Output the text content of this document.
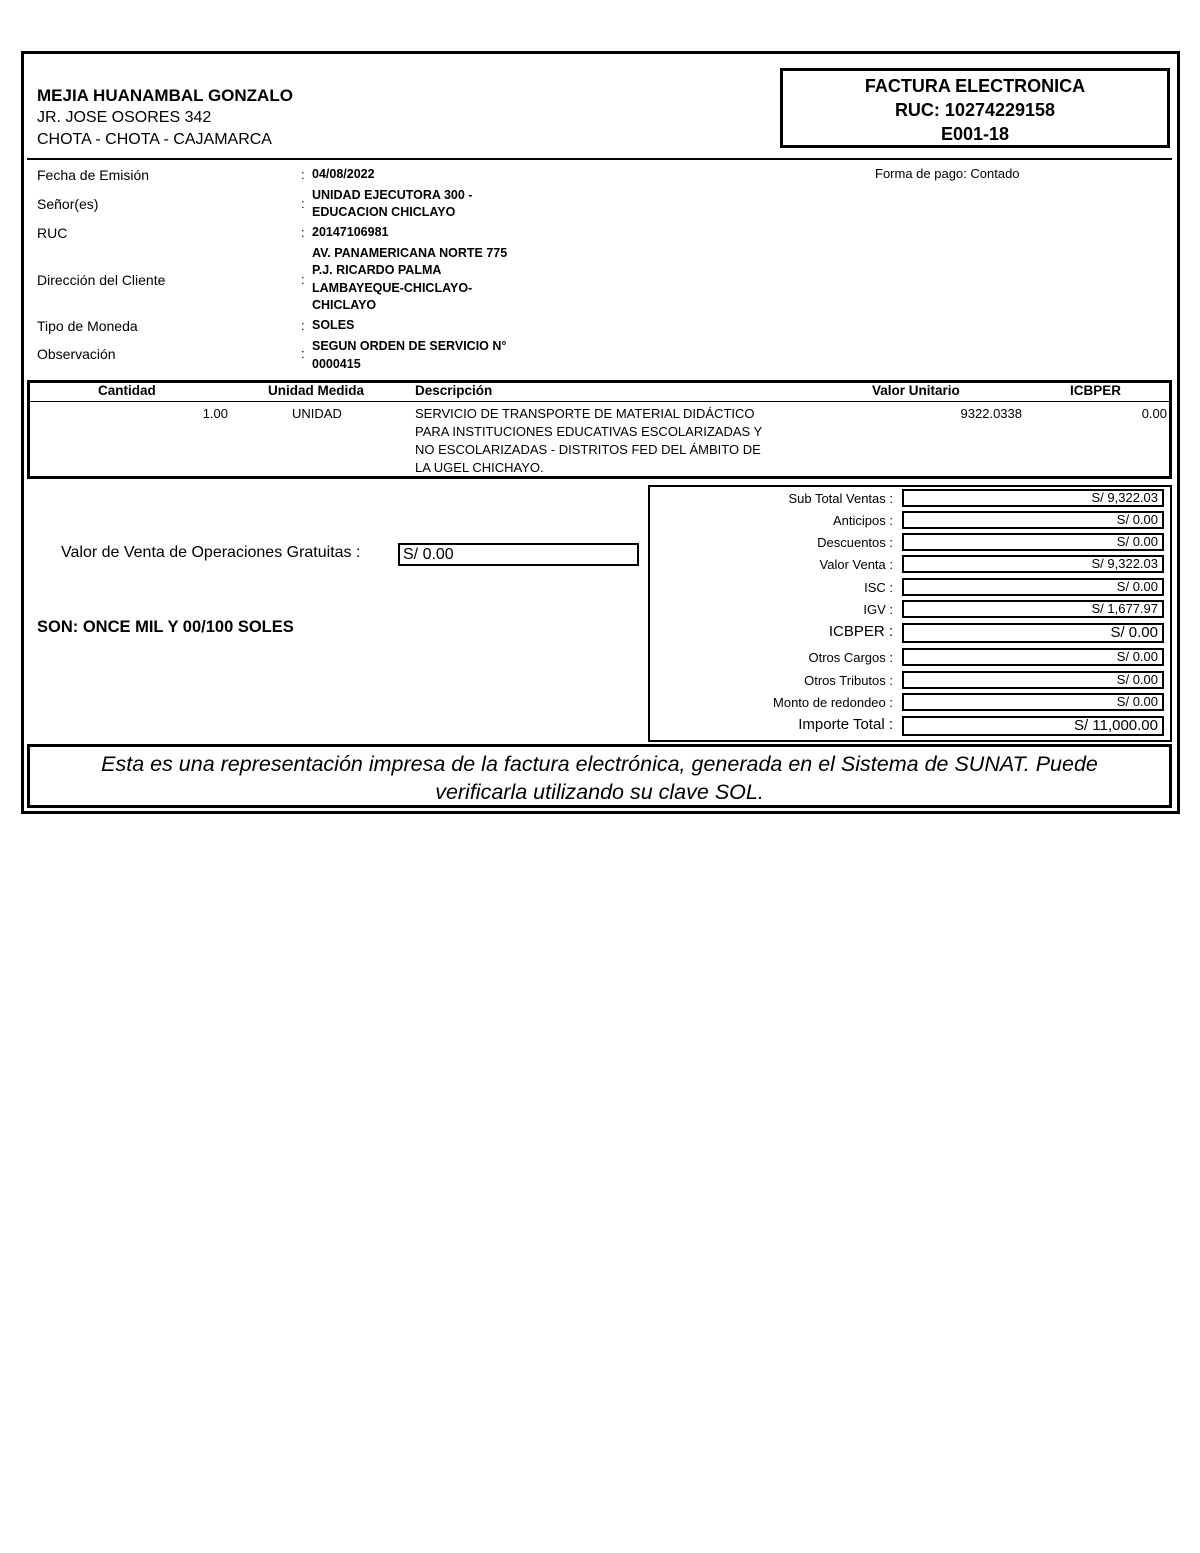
MEJIA HUANAMBAL GONZALO
JR. JOSE OSORES 342
CHOTA - CHOTA - CAJAMARCA
FACTURA ELECTRONICA
RUC: 10274229158
E001-18
Fecha de Emisión	: 04/08/2022
Señor(es)	:
UNIDAD EJECUTORA 300 -
EDUCACION CHICLAYO
RUC	: 20147106981
Dirección del Cliente	:
AV. PANAMERICANA NORTE 775
P.J. RICARDO PALMA
LAMBAYEQUE-CHICLAYO-
CHICLAYO
Tipo de Moneda	: SOLES
Observación	: SEGUN ORDEN DE SERVICIO N°
0000415
Forma de pago: Contado
Cantidad	Unidad Medida	Descripción	Valor Unitario	ICBPER
1.00	UNIDAD	SERVICIO DE TRANSPORTE DE MATERIAL DIDÁCTICO
PARA INSTITUCIONES EDUCATIVAS ESCOLARIZADAS Y
NO ESCOLARIZADAS - DISTRITOS FED DEL ÁMBITO DE
LA UGEL CHICHAYO.
9322.0338	0.00
Valor de Venta de Operaciones Gratuitas :	S/ 0.00
SON: ONCE MIL Y 00/100 SOLES
Sub Total Ventas :	S/ 9,322.03
Anticipos :	S/ 0.00
Descuentos :	S/ 0.00
Valor Venta :	S/ 9,322.03
ISC :	S/ 0.00
IGV :	S/ 1,677.97
ICBPER :	S/ 0.00
Otros Cargos :	S/ 0.00
Otros Tributos :	S/ 0.00
Monto de redondeo :	S/ 0.00
Importe Total :	S/ 11,000.00
Esta es una representación impresa de la factura electrónica, generada en el Sistema de SUNAT. Puede
verificarla utilizando su clave SOL.
